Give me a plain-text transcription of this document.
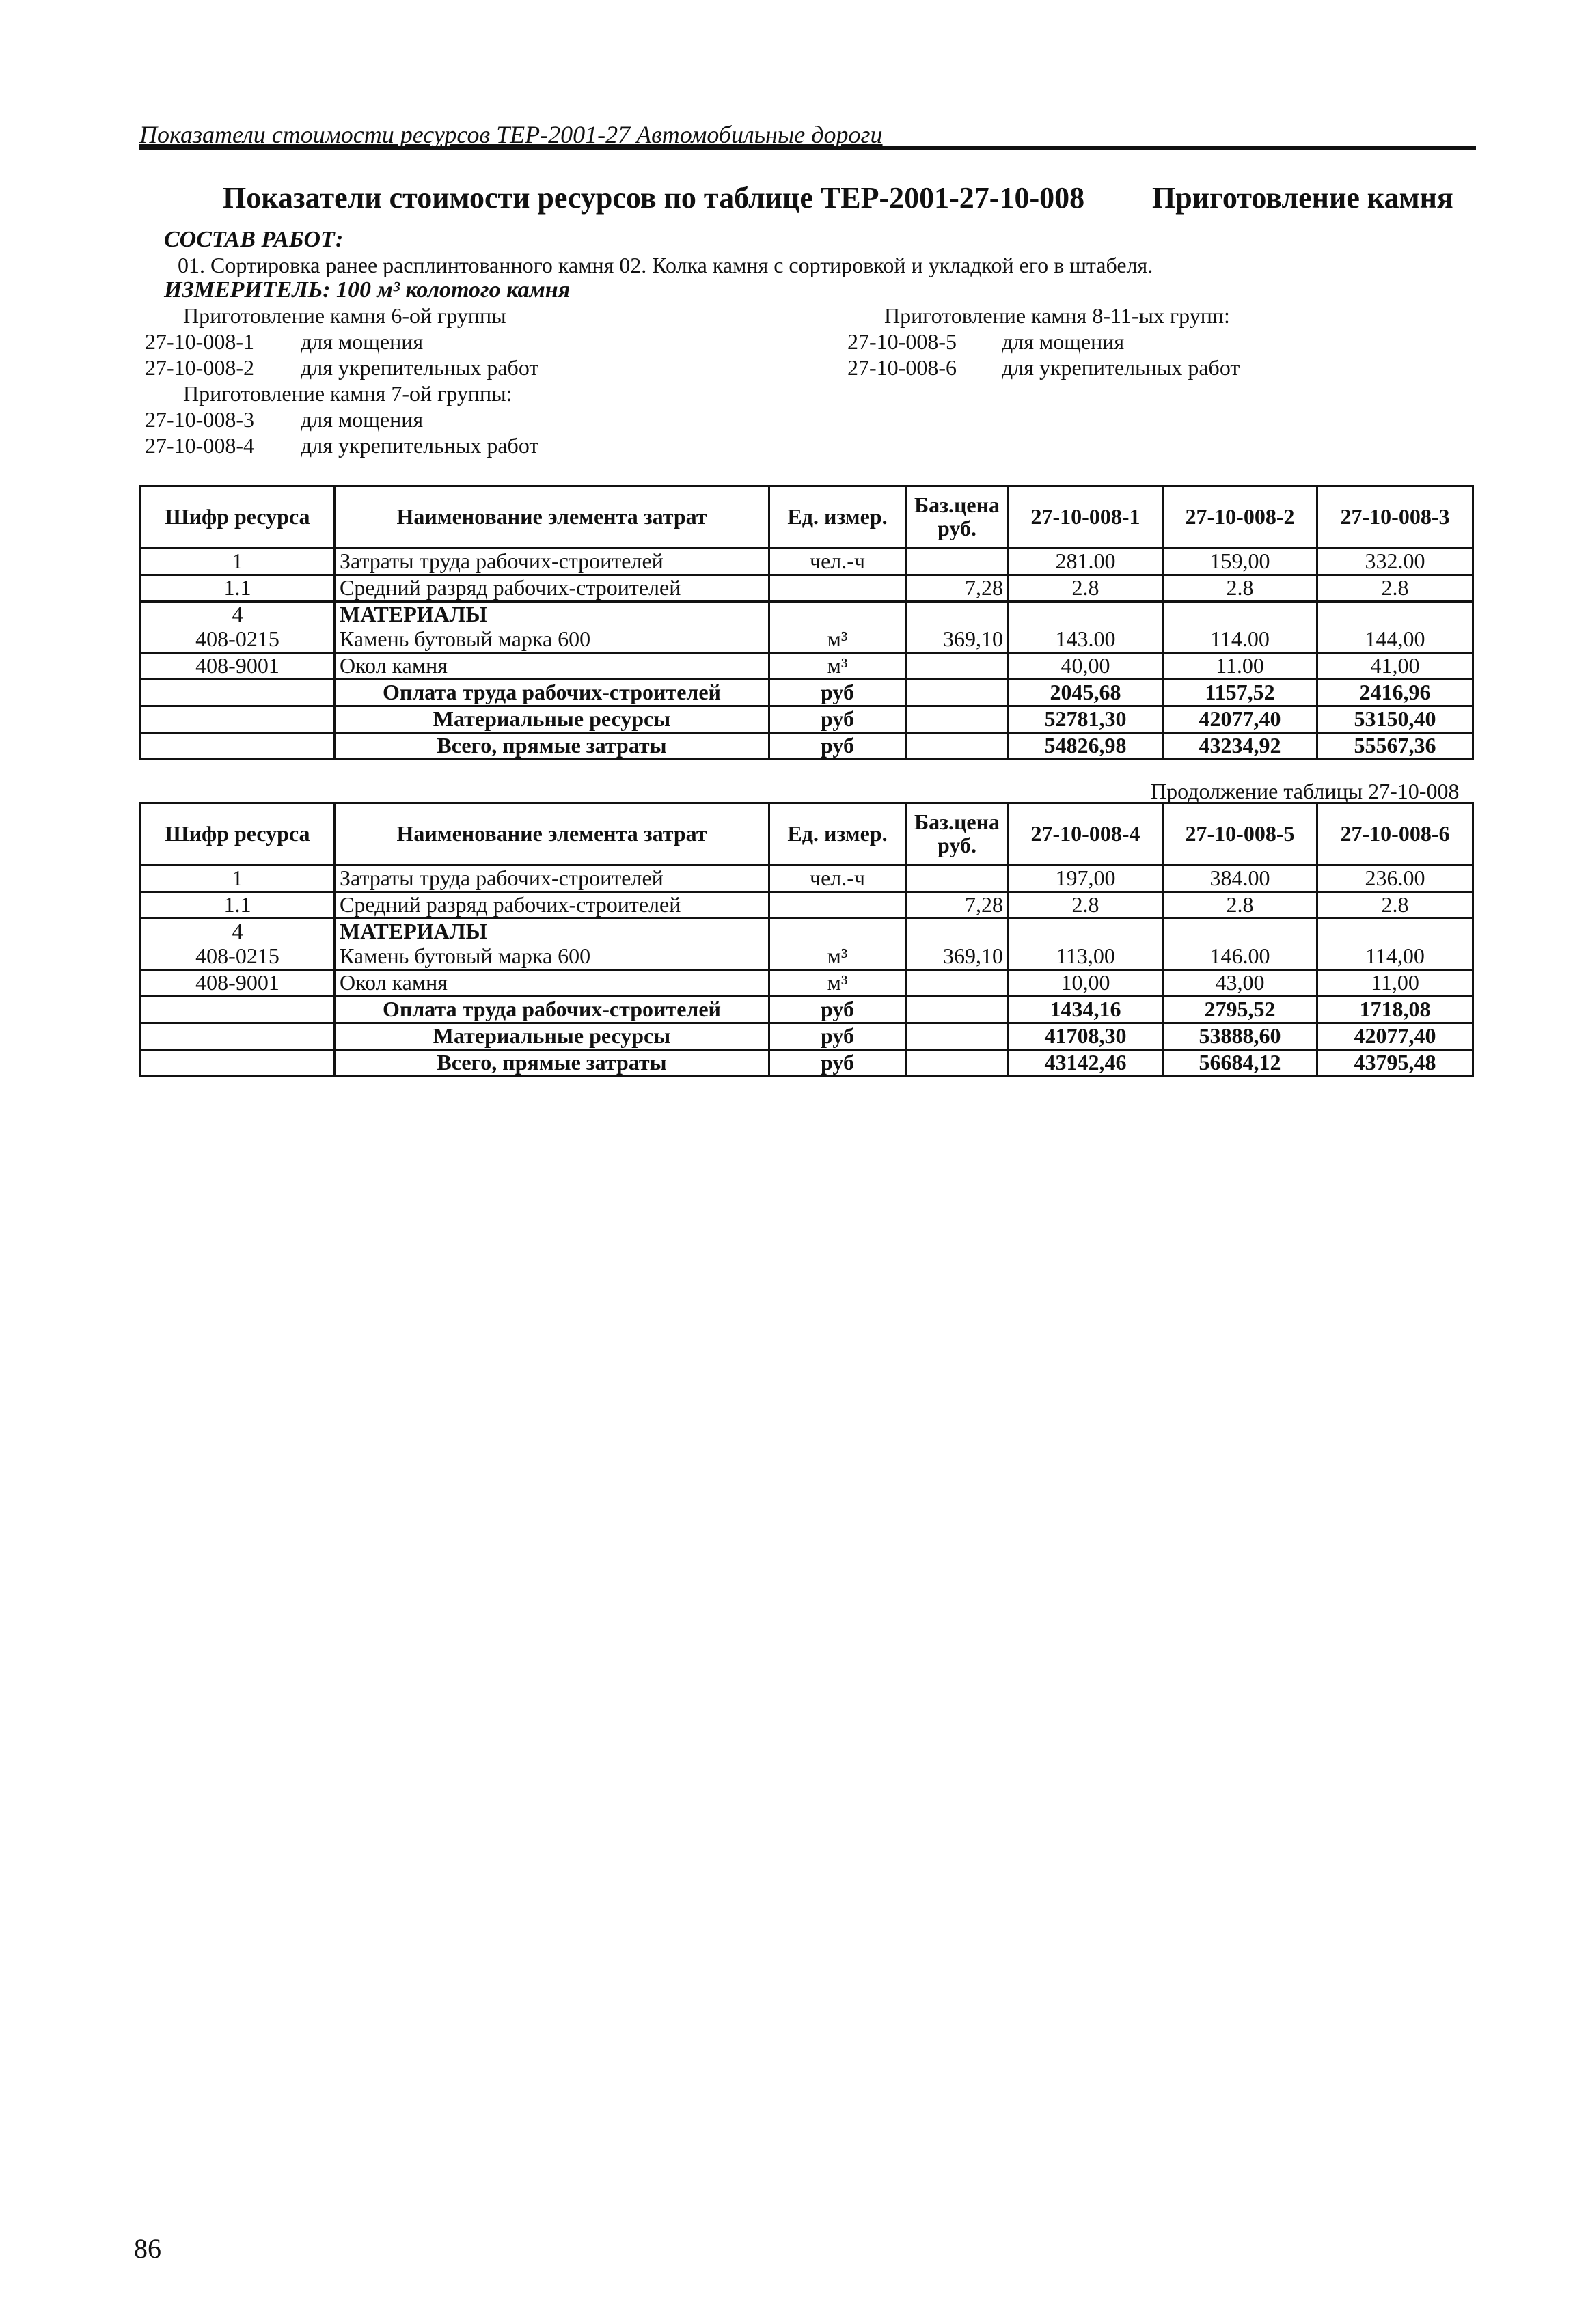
Показатели стоимости ресурсов ТЕР-2001-27 Автомобильные дороги
Показатели стоимости ресурсов по таблице ТЕР-2001-27-10-008 Приготовление камня
СОСТАВ РАБОТ:
01. Сортировка ранее расплинтованного камня 02. Колка камня с сортировкой и укладкой его в штабеля.
ИЗМЕРИТЕЛЬ: 100 м³ колотого камня
Приготовление камня 6-ой группы
27-10-008-1 для мощения
27-10-008-2 для укрепительных работ
Приготовление камня 7-ой группы:
27-10-008-3 для мощения
27-10-008-4 для укрепительных работ
Приготовление камня 8-11-ых групп:
27-10-008-5 для мощения
27-10-008-6 для укрепительных работ
Шифр ресурса	Наименование элемента затрат	Ед. измер.	Баз.цена руб.	27-10-008-1	27-10-008-2	27-10-008-3
1	Затраты труда рабочих-строителей	чел.-ч		281.00	159,00	332.00
1.1	Средний разряд рабочих-строителей		7,28	2.8	2.8	2.8
4	МАТЕРИАЛЫ					
408-0215	Камень бутовый марка 600	м³	369,10	143.00	114.00	144,00
408-9001	Окол камня	м³		40,00	11.00	41,00
	Оплата труда рабочих-строителей	руб		2045,68	1157,52	2416,96
	Материальные ресурсы	руб		52781,30	42077,40	53150,40
	Всего, прямые затраты	руб		54826,98	43234,92	55567,36
Продолжение таблицы 27-10-008
Шифр ресурса	Наименование элемента затрат	Ед. измер.	Баз.цена руб.	27-10-008-4	27-10-008-5	27-10-008-6
1	Затраты труда рабочих-строителей	чел.-ч		197,00	384.00	236.00
1.1	Средний разряд рабочих-строителей		7,28	2.8	2.8	2.8
4	МАТЕРИАЛЫ					
408-0215	Камень бутовый марка 600	м³	369,10	113,00	146.00	114,00
408-9001	Окол камня	м³		10,00	43,00	11,00
	Оплата труда рабочих-строителей	руб		1434,16	2795,52	1718,08
	Материальные ресурсы	руб		41708,30	53888,60	42077,40
	Всего, прямые затраты	руб		43142,46	56684,12	43795,48
86
